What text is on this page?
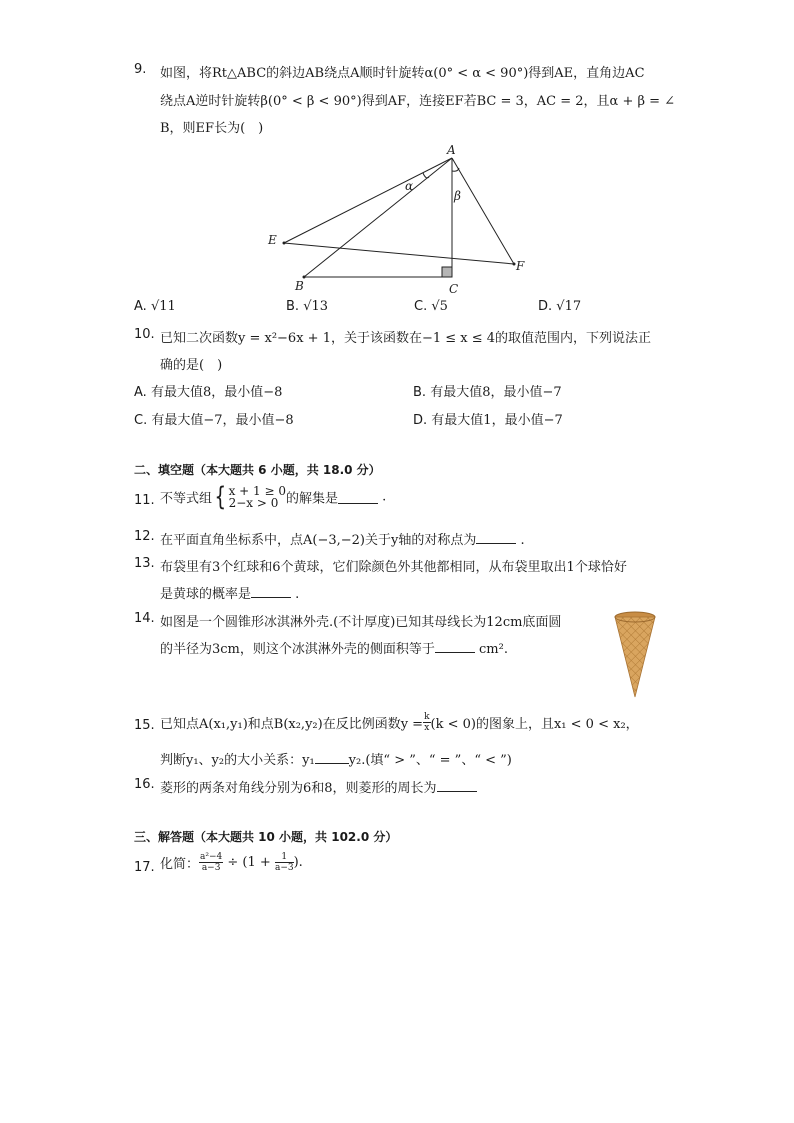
9. 如图，将Rt△ABC的斜边AB绕点A顺时针旋转α(0° < α < 90°)得到AE，直角边AC
绕点A逆时针旋转β(0° < β < 90°)得到AF，连接EF若BC = 3，AC = 2，且α + β = ∠
B，则EF长为(　)
A
E
B	C
F
α
β
A. √11	B. √13	C. √5	D. √17
10. 已知二次函数y = x²−6x + 1，关于该函数在−1 ≤ x ≤ 4的取值范围内，下列说法正
确的是(　)
A. 有最大值8，最小值−8	B. 有最大值8，最小值−7
C. 有最大值−7，最小值−8	D. 有最大值1，最小值−7
二、填空题（本大题共 6 小题，共 18.0 分）
11. 不等式组{ x + 1 ≥ 0
2−x > 0 的解集是	.
12. 在平面直角坐标系中，点A(−3,−2)关于y轴的对称点为	.
13. 布袋里有3个红球和6个黄球，它们除颜色外其他都相同，从布袋里取出1个球恰好
是黄球的概率是	.
14. 如图是一个圆锥形冰淇淋外壳.(不计厚度)已知其母线长为12cm底面圆
的半径为3cm，则这个冰淇淋外壳的侧面积等于	cm².
15. 已知点A(x₁,y₁)和点B(x₂,y₂)在反比例函数$y = \frac{k}{x} (k < 0)$的图象上，且x₁ < 0 < x₂，
判断y₁、y₂的大小关系：y₁	y₂.(填“ > ”、“ = ”、“ < ”)
16. 菱形的两条对角线分别为6和8，则菱形的周长为
三、解答题（本大题共 10 小题，共 102.0 分）
17. 化简： $\frac{\text{a²−4}}{a-3} \div (1 + \frac{1}{a-3}$ ).
